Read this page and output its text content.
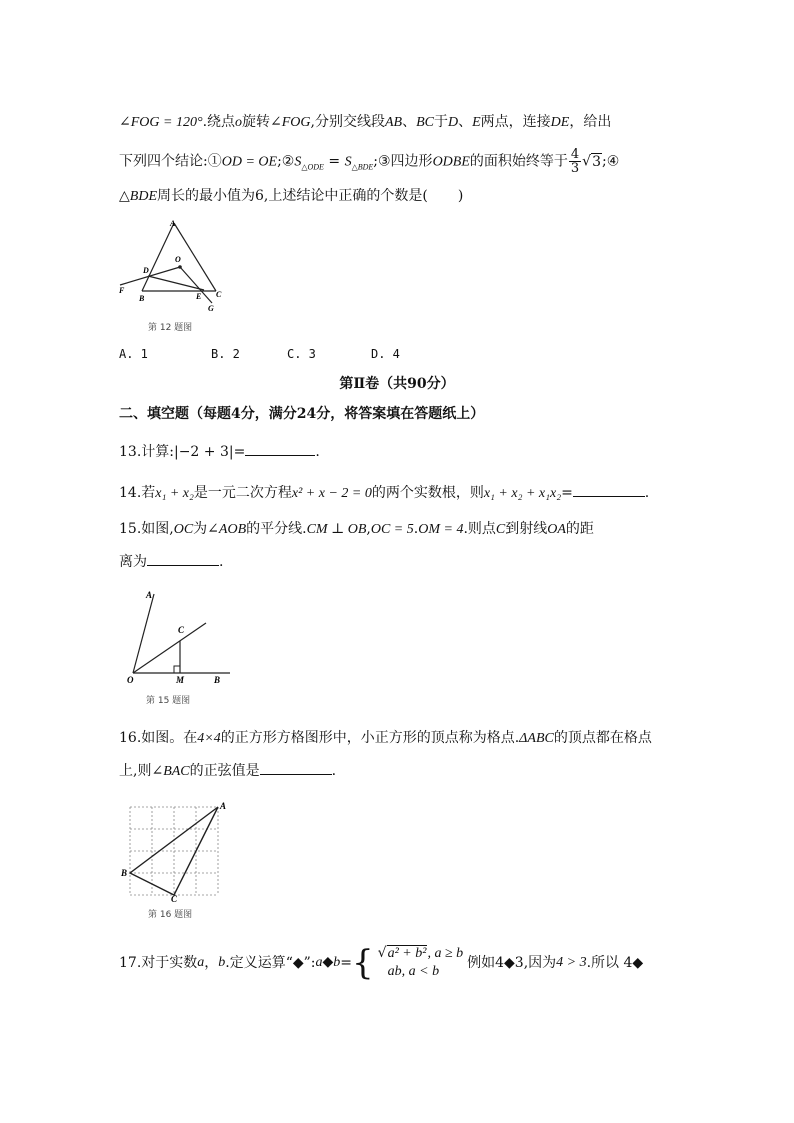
∠FOG = 120°.绕点o旋转∠FOG,分别交线段AB、BC于D、E两点，连接DE，给出
下列四个结论:①OD = $OE;②S_{\triangle ODE}$ = $S_{\triangle BDE};③$四边形ODBE的面积始终等于 $\frac{4}{3}$ √3;④
△BDE周长的最小值为6,上述结论中正确的个数是( )
A
O
D
F
B	E C
G
第 12 题图
A. 1	B. 2	C. 3	D. 4
第Ⅱ卷（共90分）
二、填空题（每题4分，满分24分，将答案填在答题纸上）
13.计算:|−2 + 3|=	.
14.若x₁ + x₂是一元二次方程x² + x − 2 = 0的两个实数根，则x₁ + x₂ + x₁x₂=	.
15.如图,OC为∠AOB的平分线.CM ⊥ OB,OC = 5.OM = 4.则点C到射线OA的距
离为	.
A
C
O	M	B
第 15 题图
16.如图。在4×4的正方形方格图形中，小正方形的顶点称为格点.ΔABC的顶点都在格点
上,则∠BAC的正弦值是	.
A
B
C
第 16 题图
17.对于实数 a ， b .定义运算“◆”: a◆b = { √a² + b², a ≥ b
ab, a < b
例如4◆3,因为 4 > 3 .所以 4◆
